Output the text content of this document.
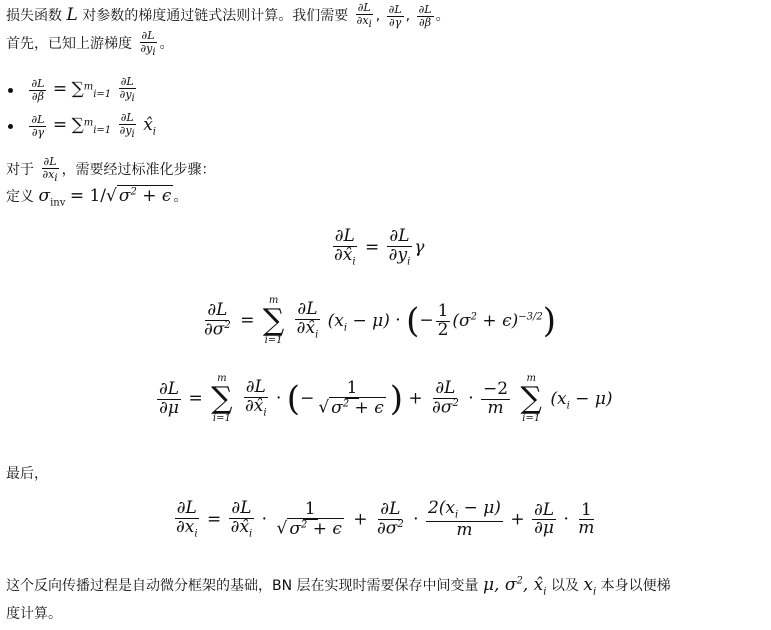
损失函数 L 对参数的梯度通过链式法则计算。我们需要 $\frac{\partial L}{\partial x_i}$ , $\frac{\partial L}{\partial\gamma}$ , $\frac{\partial L}{\partial\beta}$ 。
首先，已知上游梯度 $\frac{\partial L}{\partial y_i}$ 。

$\frac{\partial L}{\partial\beta} = \sum^m_{i=1} \frac{\partial L}{\partial y_i}$

$\frac{\partial L}{\partial\gamma} = \sum^m_{i=1} \frac{\partial L}{\partial y_i}$ $x̂_i$
对于 $\frac{\partial L}{\partial x_i}$ ，需要经过标准化步骤：
定义 $\sigma_{inv} = 1/√$ $\sigma^2 + \epsilon$ 。
$\frac{\partial L}{\partial x̂_i} = \frac{\partial L}{\partial y_i}$ γ
$\frac{\partial L}{\partial\sigma^2}$ =
m
∑
i=1
$\frac{\partial L}{\partial x̂_i} (x_i - \mu)$ · (− $\frac{1}{2} (\sigma^2 + \epsilon)^{-3/2}$)
$\frac{\partial L}{\partial\mu}$ =
m
∑
i=1
$\frac{\partial L}{\partial x̂_i}$ · (− $\frac{1}{√ \sigma^2 + \epsilon}$ ) + $\frac{\partial L}{\partial\sigma^2} \cdot \frac{-2}{m}$

m
∑
i=1
$(x_i - \mu)$
最后，
$\frac{\partial L}{\partial x_i} = \frac{\partial L}{\partial x̂_i} \cdot \frac{1}{√ \sigma^2 + \epsilon} + \frac{\partial L}{\partial\sigma^2} \cdot \frac{2(x_i - \mu)}{m} + \frac{\partial L}{\partial\mu} \cdot \frac{1}{m}$
这个反向传播过程是自动微分框架的基础，BN 层在实现时需要保存中间变量 μ, $\sigma^2$, $x̂_i$ 以及 $x_i$ 本身以便梯
度计算。
